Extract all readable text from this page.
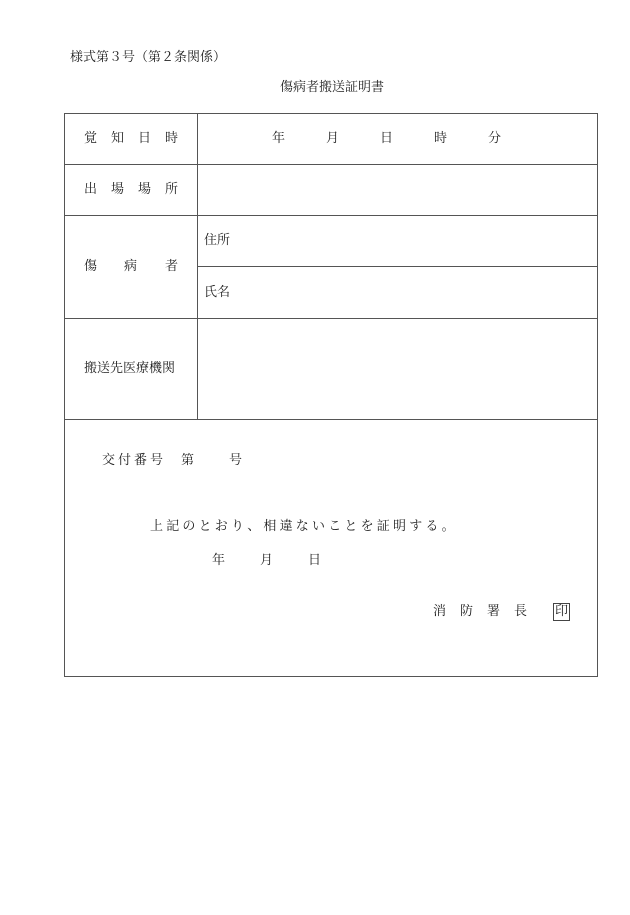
様式第３号（第２条関係）
傷病者搬送証明書
覚 知 日 時	年	月	日	時	分
出 場 場 所
傷 病 者
住所
氏名
搬送先医療機関
交付番号 第	号
上記のとおり、相違ないことを証明する。
年	月	日
消 防 署 長 印
